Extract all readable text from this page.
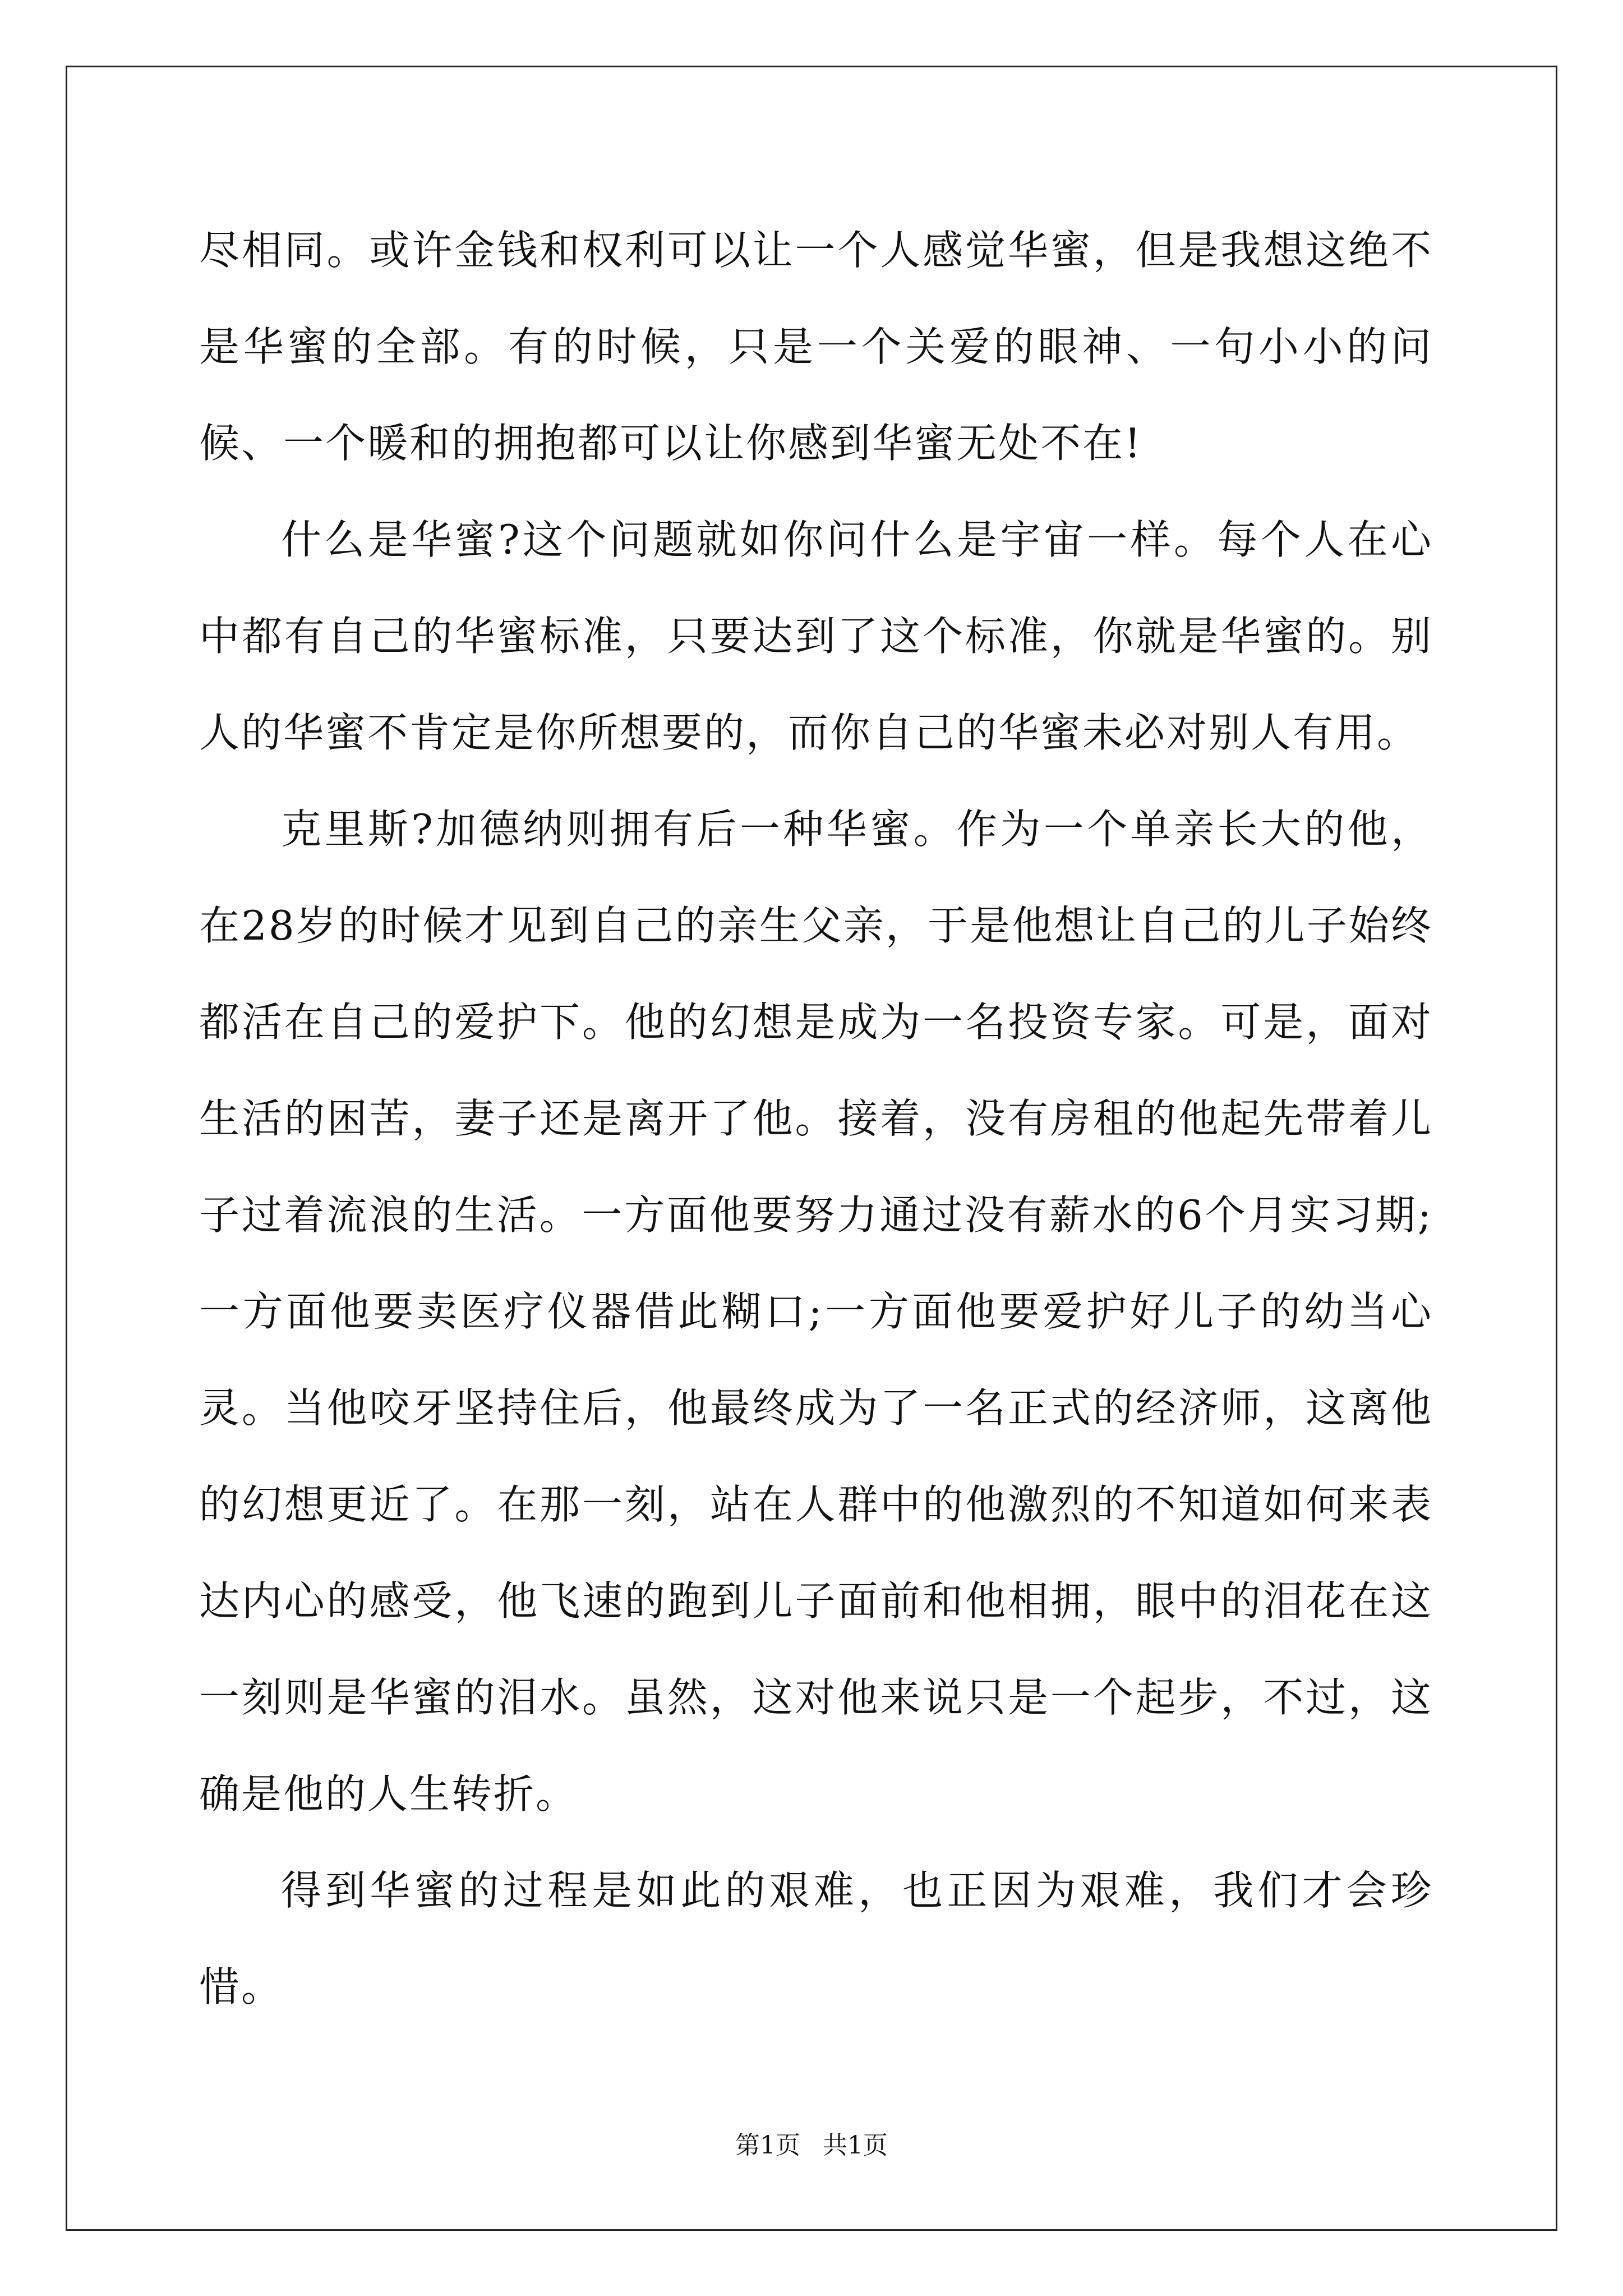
尽相同。或许金钱和权利可以让一个人感觉华蜜，但是我想这绝不是华蜜的全部。有的时候，只是一个关爱的眼神、一句小小的问候、一个暖和的拥抱都可以让你感到华蜜无处不在!

什么是华蜜?这个问题就如你问什么是宇宙一样。每个人在心中都有自己的华蜜标准，只要达到了这个标准，你就是华蜜的。别人的华蜜不肯定是你所想要的，而你自己的华蜜未必对别人有用。

克里斯?加德纳则拥有后一种华蜜。作为一个单亲长大的他，在28岁的时候才见到自己的亲生父亲，于是他想让自己的儿子始终都活在自己的爱护下。他的幻想是成为一名投资专家。可是，面对生活的困苦，妻子还是离开了他。接着，没有房租的他起先带着儿子过着流浪的生活。一方面他要努力通过没有薪水的6个月实习期;一方面他要卖医疗仪器借此糊口;一方面他要爱护好儿子的幼当心灵。当他咬牙坚持住后，他最终成为了一名正式的经济师，这离他的幻想更近了。在那一刻，站在人群中的他激烈的不知道如何来表达内心的感受，他飞速的跑到儿子面前和他相拥，眼中的泪花在这一刻则是华蜜的泪水。虽然，这对他来说只是一个起步，不过，这确是他的人生转折。

得到华蜜的过程是如此的艰难，也正因为艰难，我们才会珍惜。

第1页 共1页
